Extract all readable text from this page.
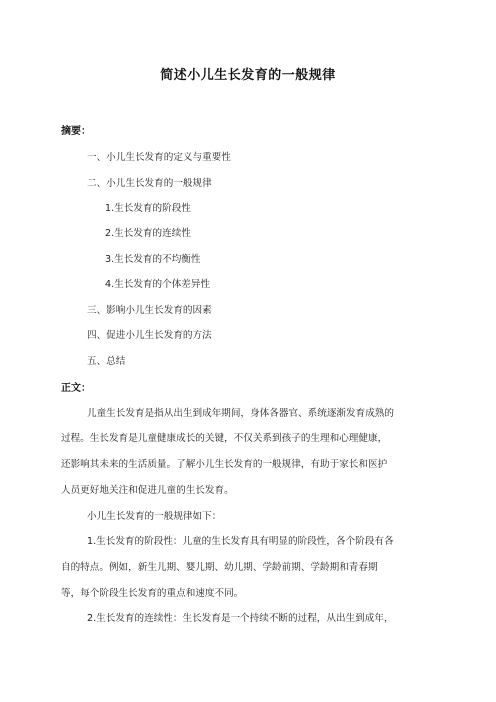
简述小儿生长发育的一般规律
摘要：
一、小儿生长发育的定义与重要性
二、小儿生长发育的一般规律
1.生长发育的阶段性
2.生长发育的连续性
3.生长发育的不均衡性
4.生长发育的个体差异性
三、影响小儿生长发育的因素
四、促进小儿生长发育的方法
五、总结
正文：
儿童生长发育是指从出生到成年期间，身体各器官、系统逐渐发育成熟的
过程。生长发育是儿童健康成长的关键，不仅关系到孩子的生理和心理健康，
还影响其未来的生活质量。了解小儿生长发育的一般规律，有助于家长和医护
人员更好地关注和促进儿童的生长发育。
小儿生长发育的一般规律如下：
1.生长发育的阶段性：儿童的生长发育具有明显的阶段性，各个阶段有各
自的特点。例如，新生儿期、婴儿期、幼儿期、学龄前期、学龄期和青春期
等，每个阶段生长发育的重点和速度不同。
2.生长发育的连续性：生长发育是一个持续不断的过程，从出生到成年，
